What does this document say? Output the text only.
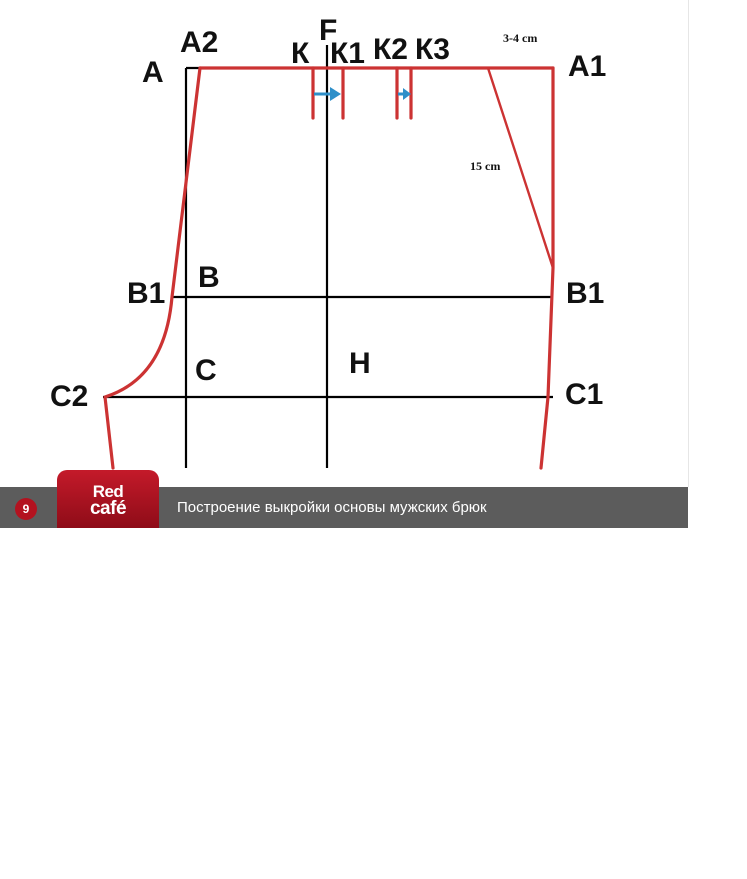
A
A2	F
К К1 К2 К3
A1
B1 B	B1
C	H
C2	C1
3-4 cm
15 cm
9
Red
café	Построение выкройки основы мужских брюк
